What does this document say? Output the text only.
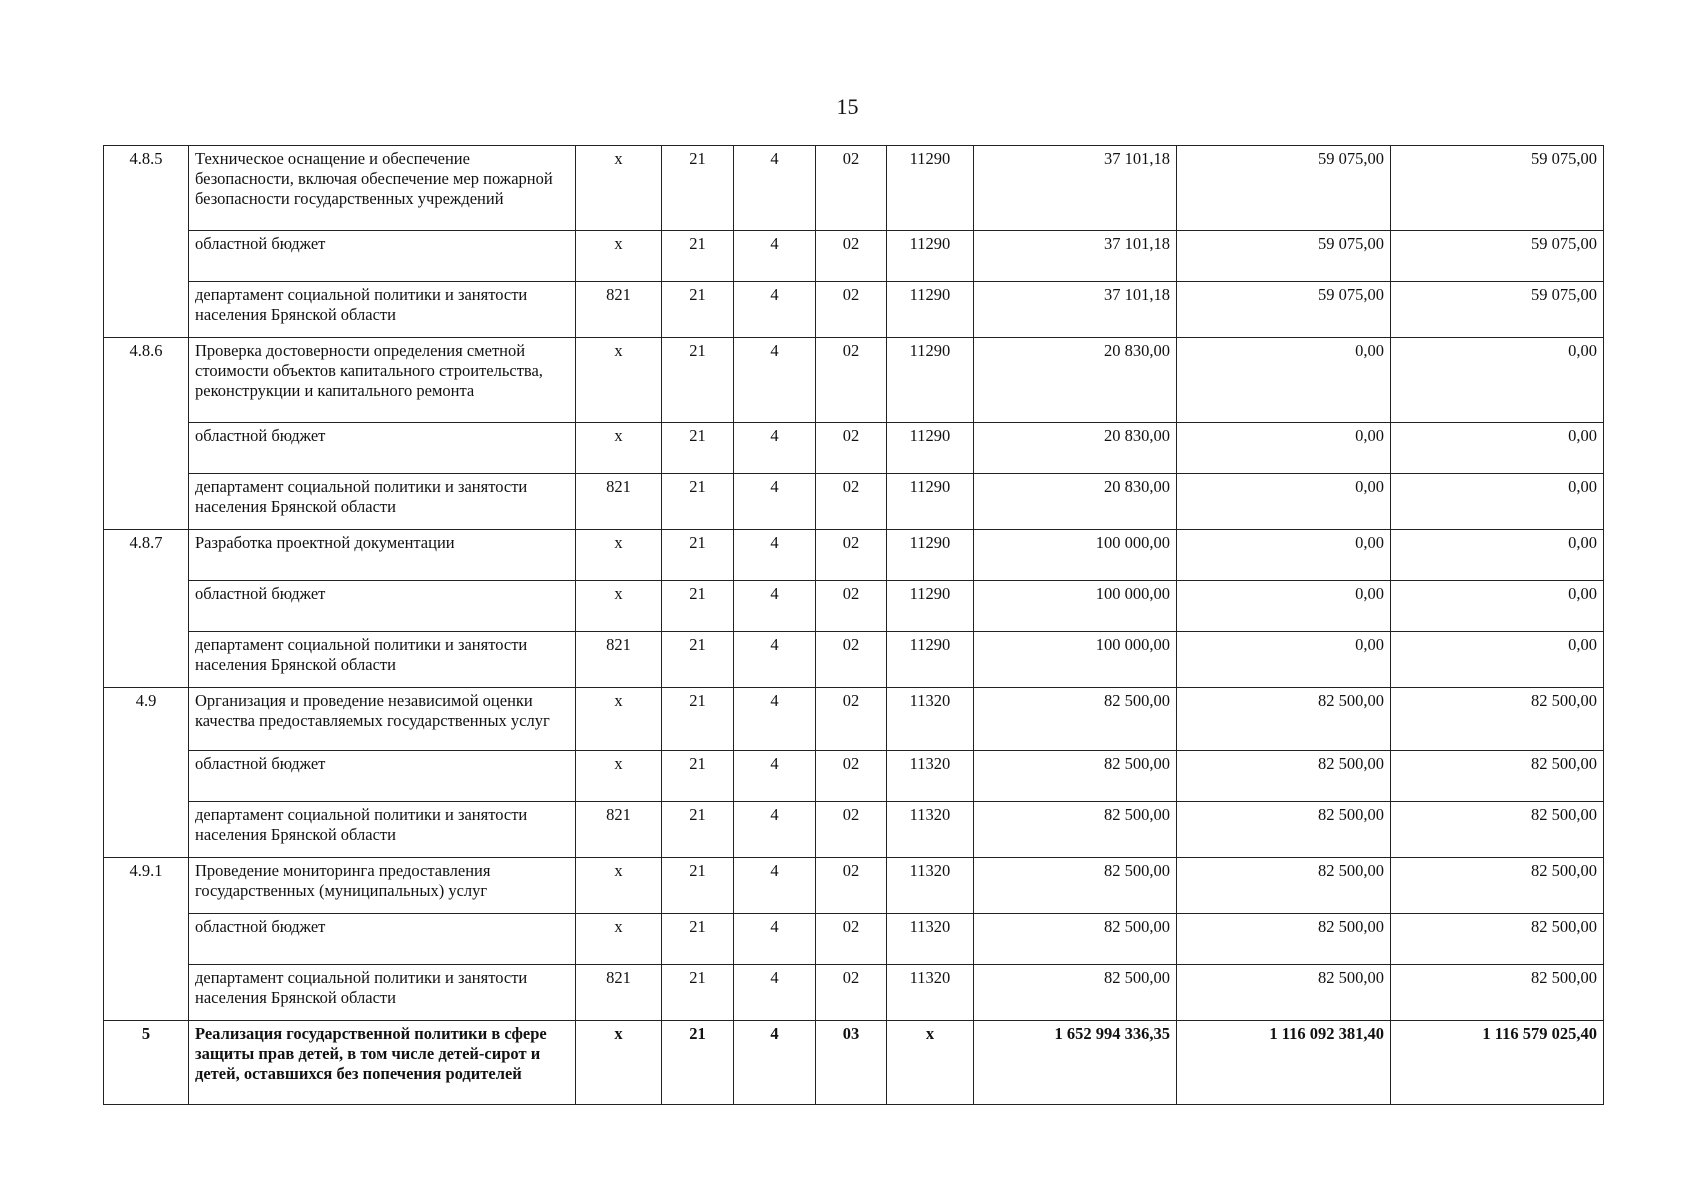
15
4.8.5	Техническое оснащение и обеспечение безопасности, включая обеспечение мер пожарной безопасности государственных учреждений	х	21	4	02	11290	37 101,18	59 075,00	59 075,00
	областной бюджет	х	21	4	02	11290	37 101,18	59 075,00	59 075,00
	департамент социальной политики и занятости населения Брянской области	821	21	4	02	11290	37 101,18	59 075,00	59 075,00
4.8.6	Проверка достоверности определения сметной стоимости объектов капитального строительства, реконструкции и капитального ремонта	х	21	4	02	11290	20 830,00	0,00	0,00
	областной бюджет	х	21	4	02	11290	20 830,00	0,00	0,00
	департамент социальной политики и занятости населения Брянской области	821	21	4	02	11290	20 830,00	0,00	0,00
4.8.7	Разработка проектной документации	х	21	4	02	11290	100 000,00	0,00	0,00
	областной бюджет	х	21	4	02	11290	100 000,00	0,00	0,00
	департамент социальной политики и занятости населения Брянской области	821	21	4	02	11290	100 000,00	0,00	0,00
4.9	Организация и проведение независимой оценки качества предоставляемых государственных услуг	х	21	4	02	11320	82 500,00	82 500,00	82 500,00
	областной бюджет	х	21	4	02	11320	82 500,00	82 500,00	82 500,00
	департамент социальной политики и занятости населения Брянской области	821	21	4	02	11320	82 500,00	82 500,00	82 500,00
4.9.1	Проведение мониторинга предоставления государственных (муниципальных) услуг	х	21	4	02	11320	82 500,00	82 500,00	82 500,00
	областной бюджет	х	21	4	02	11320	82 500,00	82 500,00	82 500,00
	департамент социальной политики и занятости населения Брянской области	821	21	4	02	11320	82 500,00	82 500,00	82 500,00
5	Реализация государственной политики в сфере защиты прав детей, в том числе детей-сирот и детей, оставшихся без попечения родителей	х	21	4	03	х	1 652 994 336,35	1 116 092 381,40	1 116 579 025,40
